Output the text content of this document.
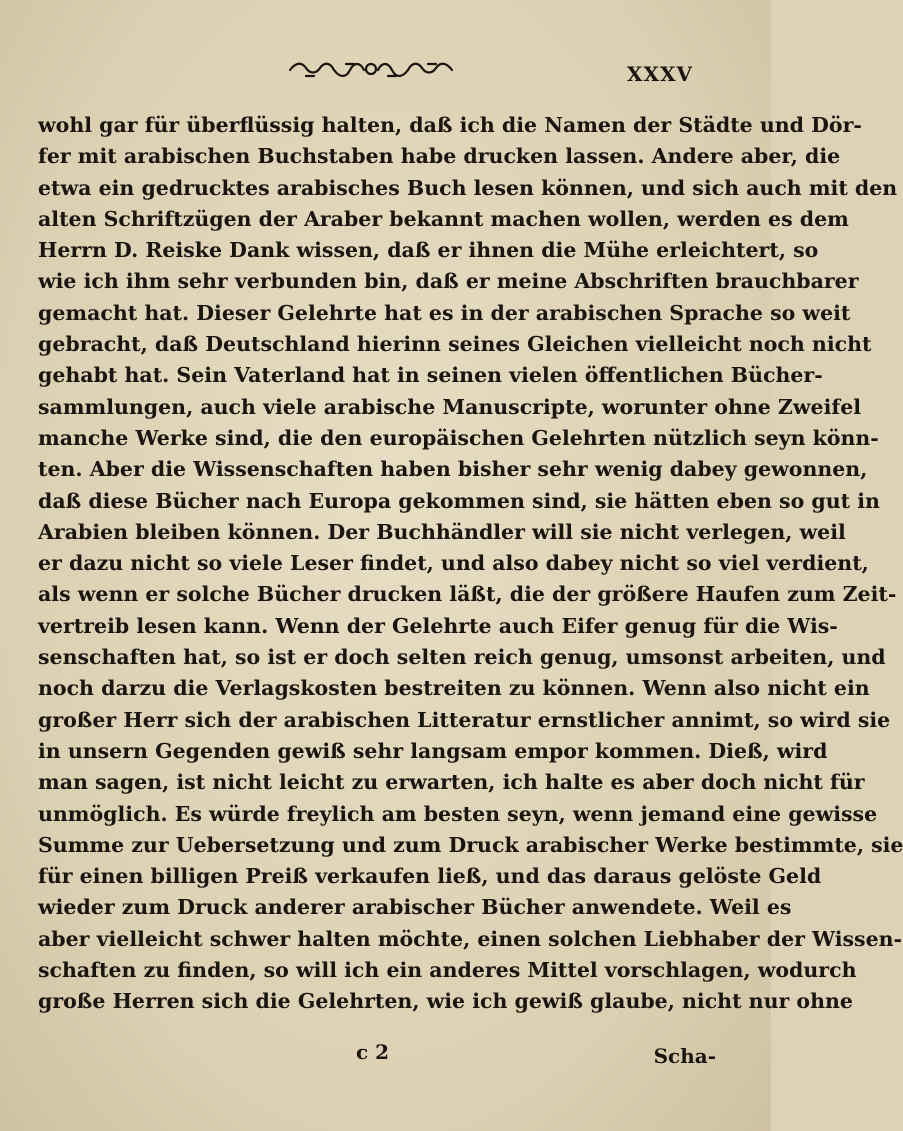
XXXV
wohl gar für überflüssig halten, daß ich die Namen der Städte und Dör-
fer mit arabischen Buchstaben habe drucken lassen. Andere aber, die
etwa ein gedrucktes arabisches Buch lesen können, und sich auch mit den
alten Schriftzügen der Araber bekannt machen wollen, werden es dem
Herrn D. Reiske Dank wissen, daß er ihnen die Mühe erleichtert, so
wie ich ihm sehr verbunden bin, daß er meine Abschriften brauchbarer
gemacht hat. Dieser Gelehrte hat es in der arabischen Sprache so weit
gebracht, daß Deutschland hierinn seines Gleichen vielleicht noch nicht
gehabt hat. Sein Vaterland hat in seinen vielen öffentlichen Bücher-
sammlungen, auch viele arabische Manuscripte, worunter ohne Zweifel
manche Werke sind, die den europäischen Gelehrten nützlich seyn könn-
ten. Aber die Wissenschaften haben bisher sehr wenig dabey gewonnen,
daß diese Bücher nach Europa gekommen sind, sie hätten eben so gut in
Arabien bleiben können. Der Buchhändler will sie nicht verlegen, weil
er dazu nicht so viele Leser findet, und also dabey nicht so viel verdient,
als wenn er solche Bücher drucken läßt, die der größere Haufen zum Zeit-
vertreib lesen kann. Wenn der Gelehrte auch Eifer genug für die Wis-
senschaften hat, so ist er doch selten reich genug, umsonst arbeiten, und
noch darzu die Verlagskosten bestreiten zu können. Wenn also nicht ein
großer Herr sich der arabischen Litteratur ernstlicher annimt, so wird sie
in unsern Gegenden gewiß sehr langsam empor kommen. Dieß, wird
man sagen, ist nicht leicht zu erwarten, ich halte es aber doch nicht für
unmöglich. Es würde freylich am besten seyn, wenn jemand eine gewisse
Summe zur Uebersetzung und zum Druck arabischer Werke bestimmte, sie
für einen billigen Preiß verkaufen ließ, und das daraus gelöste Geld
wieder zum Druck anderer arabischer Bücher anwendete. Weil es
aber vielleicht schwer halten möchte, einen solchen Liebhaber der Wissen-
schaften zu finden, so will ich ein anderes Mittel vorschlagen, wodurch
große Herren sich die Gelehrten, wie ich gewiß glaube, nicht nur ohne
c 2	Scha-
